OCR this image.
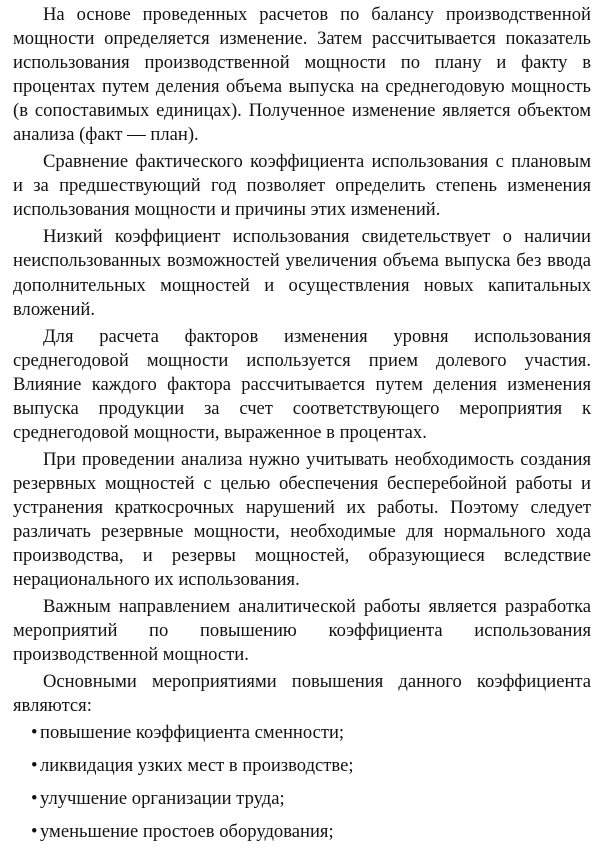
На основе проведенных расчетов по балансу производственной мощности определяется изменение. Затем рассчитывается показатель использования производственной мощности по плану и факту в процентах путем деления объема выпуска на среднегодовую мощность (в сопоставимых единицах). Полученное изменение является объектом анализа (факт — план).

Сравнение фактического коэффициента использования с плановым и за предшествующий год позволяет определить степень изменения использования мощности и причины этих изменений.

Низкий коэффициент использования свидетельствует о наличии неиспользованных возможностей увеличения объема выпуска без ввода дополнительных мощностей и осуществления новых капитальных вложений.

Для расчета факторов изменения уровня использования среднегодовой мощности используется прием долевого участия. Влияние каждого фактора рассчитывается путем деления изменения выпуска продукции за счет соответствующего мероприятия к среднегодовой мощности, выраженное в процентах.

При проведении анализа нужно учитывать необходимость создания резервных мощностей с целью обеспечения бесперебойной работы и устранения краткосрочных нарушений их работы. Поэтому следует различать резервные мощности, необходимые для нормального хода производства, и резервы мощностей, образующиеся вследствие нерационального их использования.

Важным направлением аналитической работы является разработка мероприятий по повышению коэффициента использования производственной мощности.

Основными мероприятиями повышения данного коэффициента являются:

• повышение коэффициента сменности;
• ликвидация узких мест в производстве;
• улучшение организации труда;
• уменьшение простоев оборудования;
